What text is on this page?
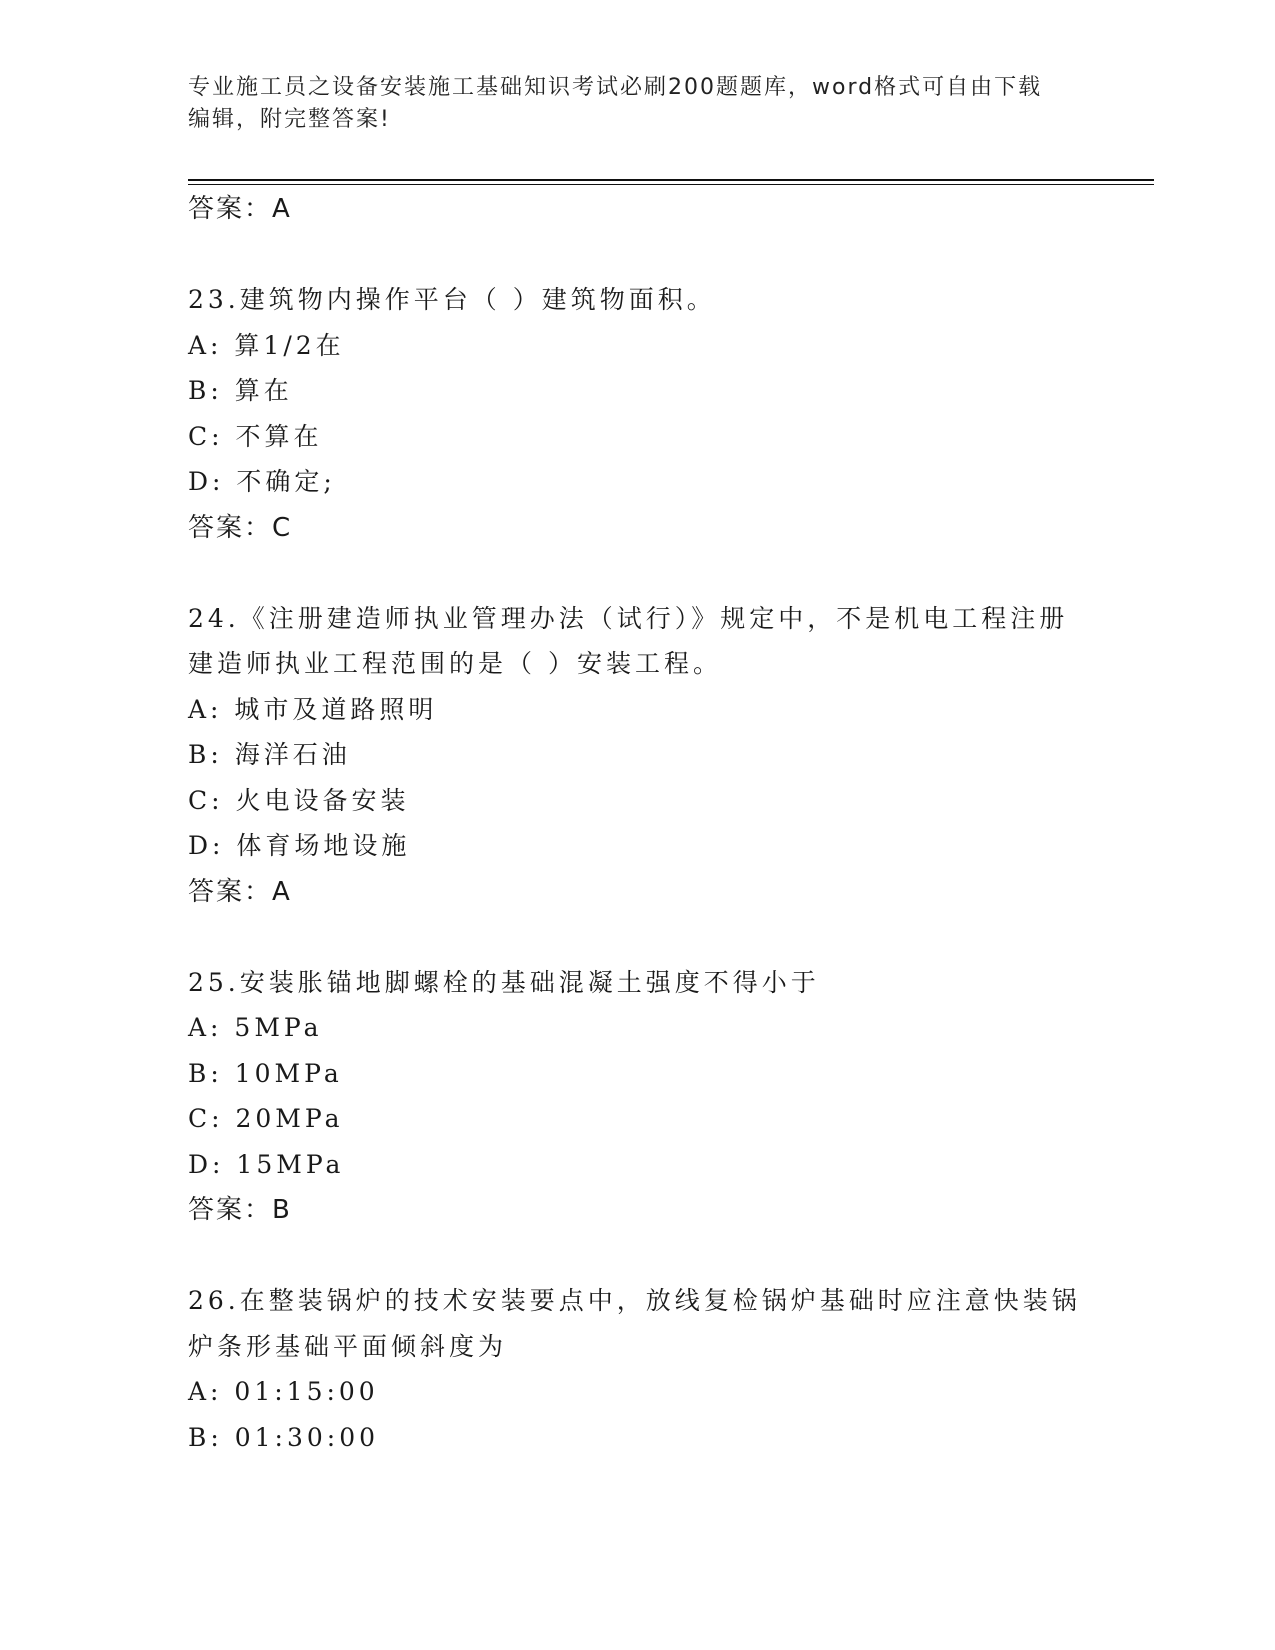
专业施工员之设备安装施工基础知识考试必刷200题题库，word格式可自由下载
编辑，附完整答案!
答案：A
23.建筑物内操作平台（ ）建筑物面积。
A: 算1/2在
B: 算在
C: 不算在
D: 不确定;
答案：C
24.《注册建造师执业管理办法（试行）》规定中，不是机电工程注册
建造师执业工程范围的是（ ）安装工程。
A: 城市及道路照明
B: 海洋石油
C: 火电设备安装
D: 体育场地设施
答案：A
25.安装胀锚地脚螺栓的基础混凝土强度不得小于
A: 5MPa
B: 10MPa
C: 20MPa
D: 15MPa
答案：B
26.在整装锅炉的技术安装要点中，放线复检锅炉基础时应注意快装锅
炉条形基础平面倾斜度为
A: 01:15:00
B: 01:30:00
